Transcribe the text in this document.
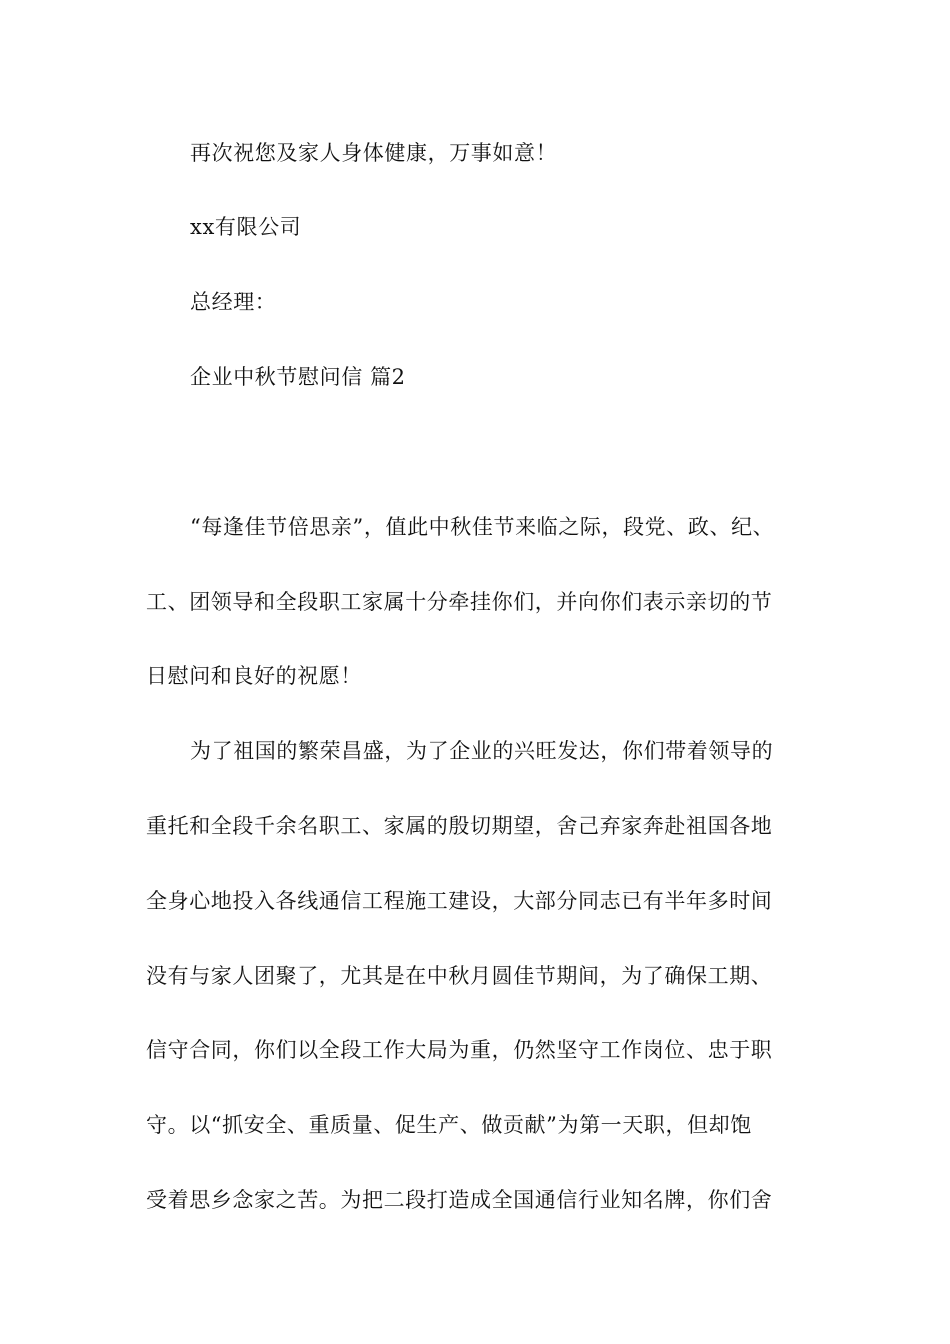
再次祝您及家人身体健康，万事如意！
xx有限公司
总经理：
企业中秋节慰问信 篇2
“每逢佳节倍思亲”，值此中秋佳节来临之际，段党、政、纪、
工、团领导和全段职工家属十分牵挂你们，并向你们表示亲切的节
日慰问和良好的祝愿！
为了祖国的繁荣昌盛，为了企业的兴旺发达，你们带着领导的
重托和全段千余名职工、家属的殷切期望，舍己弃家奔赴祖国各地
全身心地投入各线通信工程施工建设，大部分同志已有半年多时间
没有与家人团聚了，尤其是在中秋月圆佳节期间，为了确保工期、
信守合同，你们以全段工作大局为重，仍然坚守工作岗位、忠于职
守。以“抓安全、重质量、促生产、做贡献”为第一天职，但却饱
受着思乡念家之苦。为把二段打造成全国通信行业知名牌，你们舍
